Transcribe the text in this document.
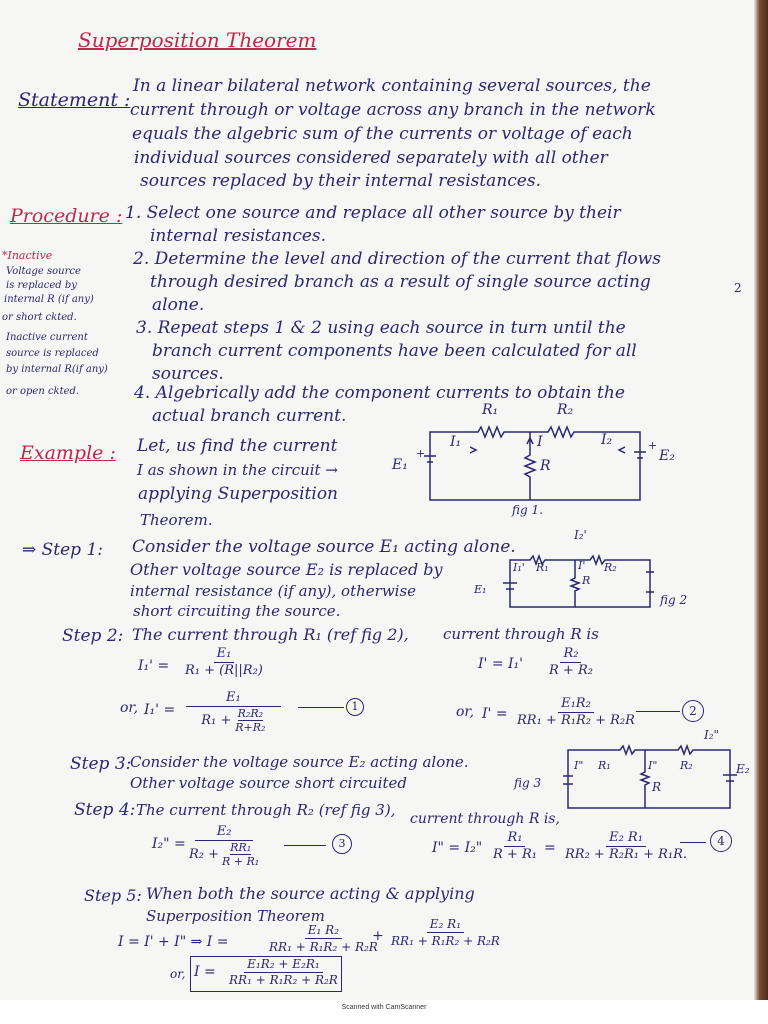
Scanned with CamScanner
Superposition Theorem
Statement :
In a linear bilateral network containing several sources, the
current through or voltage across any branch in the network
equals the algebric sum of the currents or voltage of each
individual sources considered separately with all other
sources replaced by their internal resistances.
Procedure : 1. Select one source and replace all other source by their
internal resistances.
2. Determine the level and direction of the current that flows
through desired branch as a result of single source acting
alone.
3. Repeat steps 1 & 2 using each source in turn until the
branch current components have been calculated for all
sources.
4. Algebrically add the component currents to obtain the
actual branch current.
*Inactive
Voltage source
is replaced by
internal R (if any)
or short ckted.
Inactive current
source is replaced
by internal R(if any)
or open ckted.
2
Example : Let, us find the current
I as shown in the circuit →
applying Superposition
Theorem.
R₁	R₂
I₁	I	I₂
R
E₁
+
+
E₂
fig 1.
⇒ Step 1: Consider the voltage source E₁ acting alone.
Other voltage source E₂ is replaced by
internal resistance (if any), otherwise
short circuiting the source.
I₂'
I₁' R₁	I'
R
R₂
E₁
fig 2
Step 2: The current through R₁ (ref fig 2), current through R is
$I_1' = \frac{\text{E₁}}{\text{R₁ + (R||R₂)}}$
or, $I_1' = \frac{\text{E₁}}{R_1 + \frac{\text{R₂R₂}}{\text{R+R₂}}}$	1
$I' = I_1' \frac{\text{R₂}}{\text{R + R₂}}$
or, $I' = \frac{\text{E₁R₂}}{\text{RR₁ + R₁R₂ + R₂R}}$	2
Step 3:
Consider the voltage source E₂ acting alone.
Other voltage source short circuited
I₂"
I" R₁	I" R₂
R
E₂
fig 3
Step 4: The current through R₂ (ref fig 3), current through R is,
I₂" = $\frac{\text{E₂}}{R_2 + \frac{\text{RR₁}}{\text{R + R₁}}}$	3	I" = I₂" $\frac{\text{R₁}}{\text{R + R₁}} = \frac{\text{E₂ R₁}}{\text{RR₂ + R₂R₁ + R₁R.}}$	4
Step 5: When both the source acting & applying
Superposition Theorem
I = I' + I" ⇒ I =	$\frac{\text{E₁ R₂}}{\text{RR₁ + R₁R₂ + R₂R}}$
+ $\frac{\text{E₂ R₁}}{\text{RR₁ + R₁R₂ + R₂R}}$
or, $I = \frac{\text{E₁R₂ + E₂R₁}}{\text{RR₁ + R₁R₂ + R₂R}}$
